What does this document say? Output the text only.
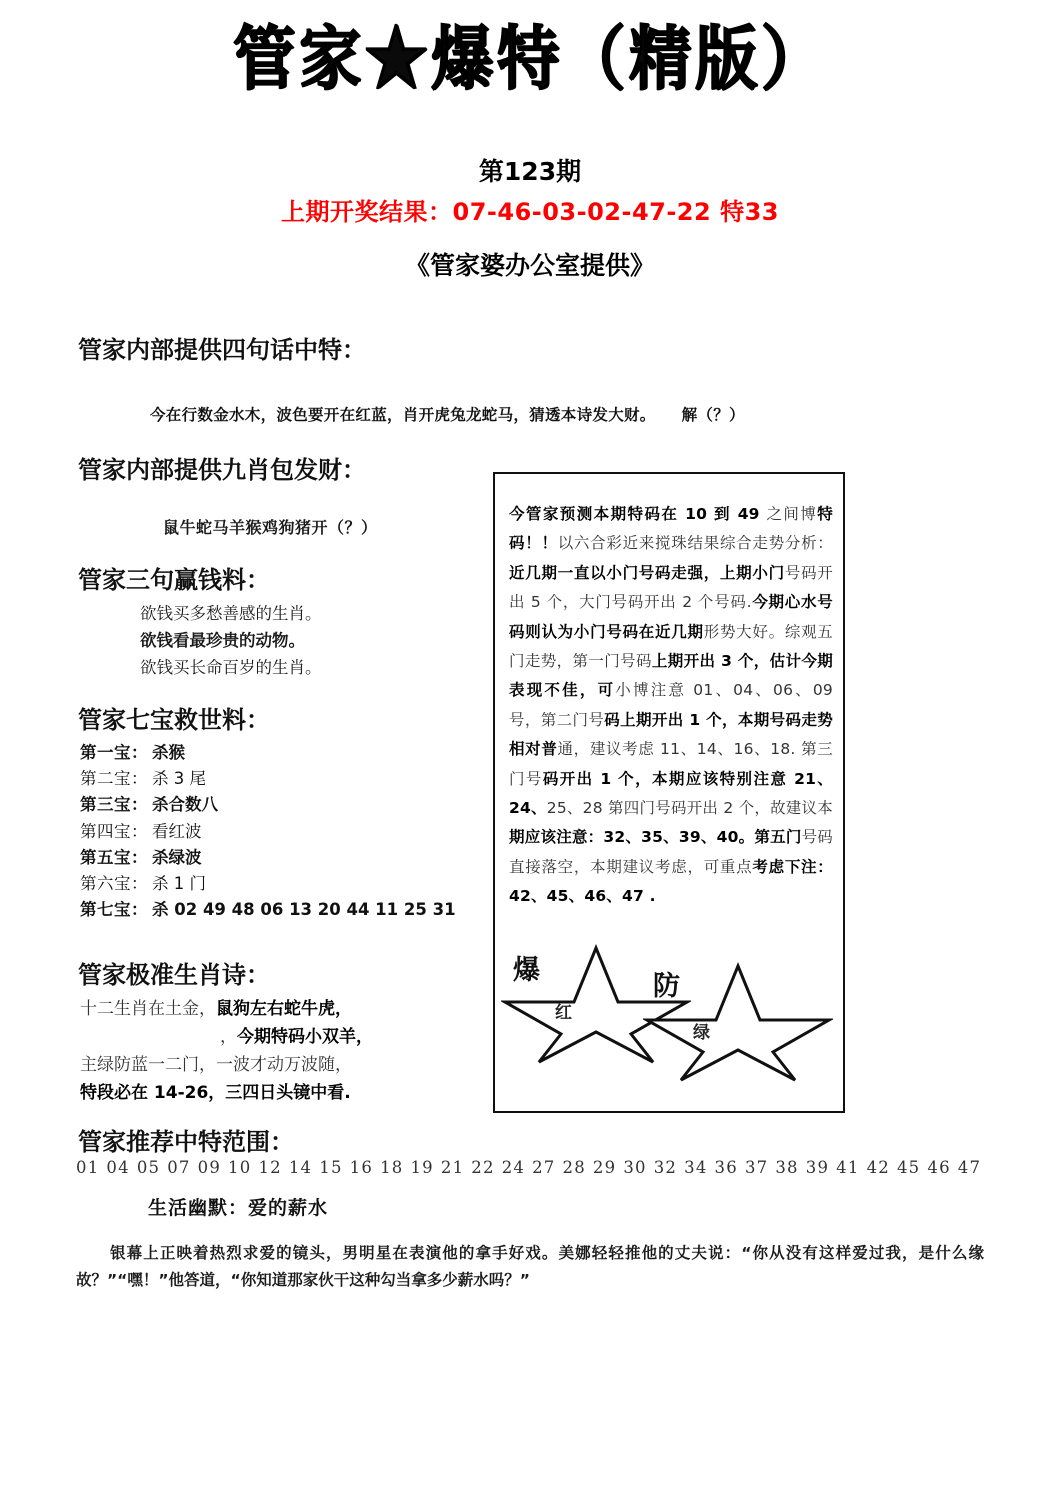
管家★爆特（精版）
第123期
上期开奖结果：07-46-03-02-47-22 特33
《管家婆办公室提供》
管家内部提供四句话中特：
今在行数金水木，波色要开在红蓝，肖开虎兔龙蛇马，猜透本诗发大财。 解（？）
管家内部提供九肖包发财：
鼠牛蛇马羊猴鸡狗猪开（？）
管家三句赢钱料：
欲钱买多愁善感的生肖。
欲钱看最珍贵的动物。
欲钱买长命百岁的生肖。
管家七宝救世料：
第一宝： 杀猴
第二宝： 杀 3 尾
第三宝： 杀合数八
第四宝： 看红波
第五宝： 杀绿波
第六宝： 杀 1 门
第七宝： 杀 02 49 48 06 13 20 44 11 25 31
管家极准生肖诗：
十二生肖在土金，鼠狗左右蛇牛虎，
，今期特码小双羊，
主绿防蓝一二门，一波才动万波随，
特段必在 14-26，三四日头镜中看.
管家推荐中特范围：
01 04 05 07 09 10 12 14 15 16 18 19 21 22 24 27 28 29 30 32 34 36 37 38 39 41 42 45 46 47
生活幽默：爱的薪水
银幕上正映着热烈求爱的镜头，男明星在表演他的拿手好戏。美娜轻轻推他的丈夫说：“你从没有这样爱过我，是什么缘故？”“嘿！”他答道，“你知道那家伙干这种勾当拿多少薪水吗？”
今管家预测本期特码在 10 到 49 之间博特码！！以六合彩近来搅珠结果综合走势分析：近几期一直以小门号码走强，上期小门号码开出 5 个，大门号码开出 2 个号码.今期心水号码则认为小门号码在近几期形势大好。综观五门走势，第一门号码上期开出 3 个，估计今期表现不佳，可小博注意 01、04、06、09 号，第二门号码上期开出 1 个，本期号码走势相对普通，建议考虑 11、14、16、18. 第三门号码开出 1 个，本期应该特别注意 21、24、25、28 第四门号码开出 2 个，故建议本期应该注意：32、35、39、40。第五门号码直接落空，本期建议考虑，可重点考虑下注：42、45、46、47 .
爆
红
防
绿
